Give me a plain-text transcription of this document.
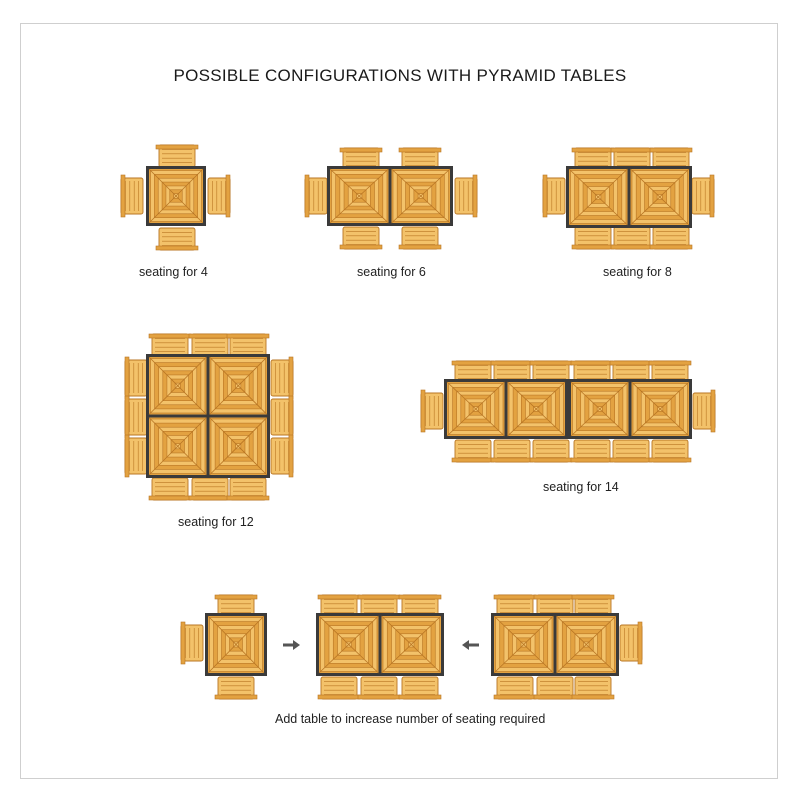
POSSIBLE CONFIGURATIONS WITH PYRAMID TABLES
seating for 4	seating for 6	seating for 8
seating for 12
seating for 14
Add table to increase number of seating required
